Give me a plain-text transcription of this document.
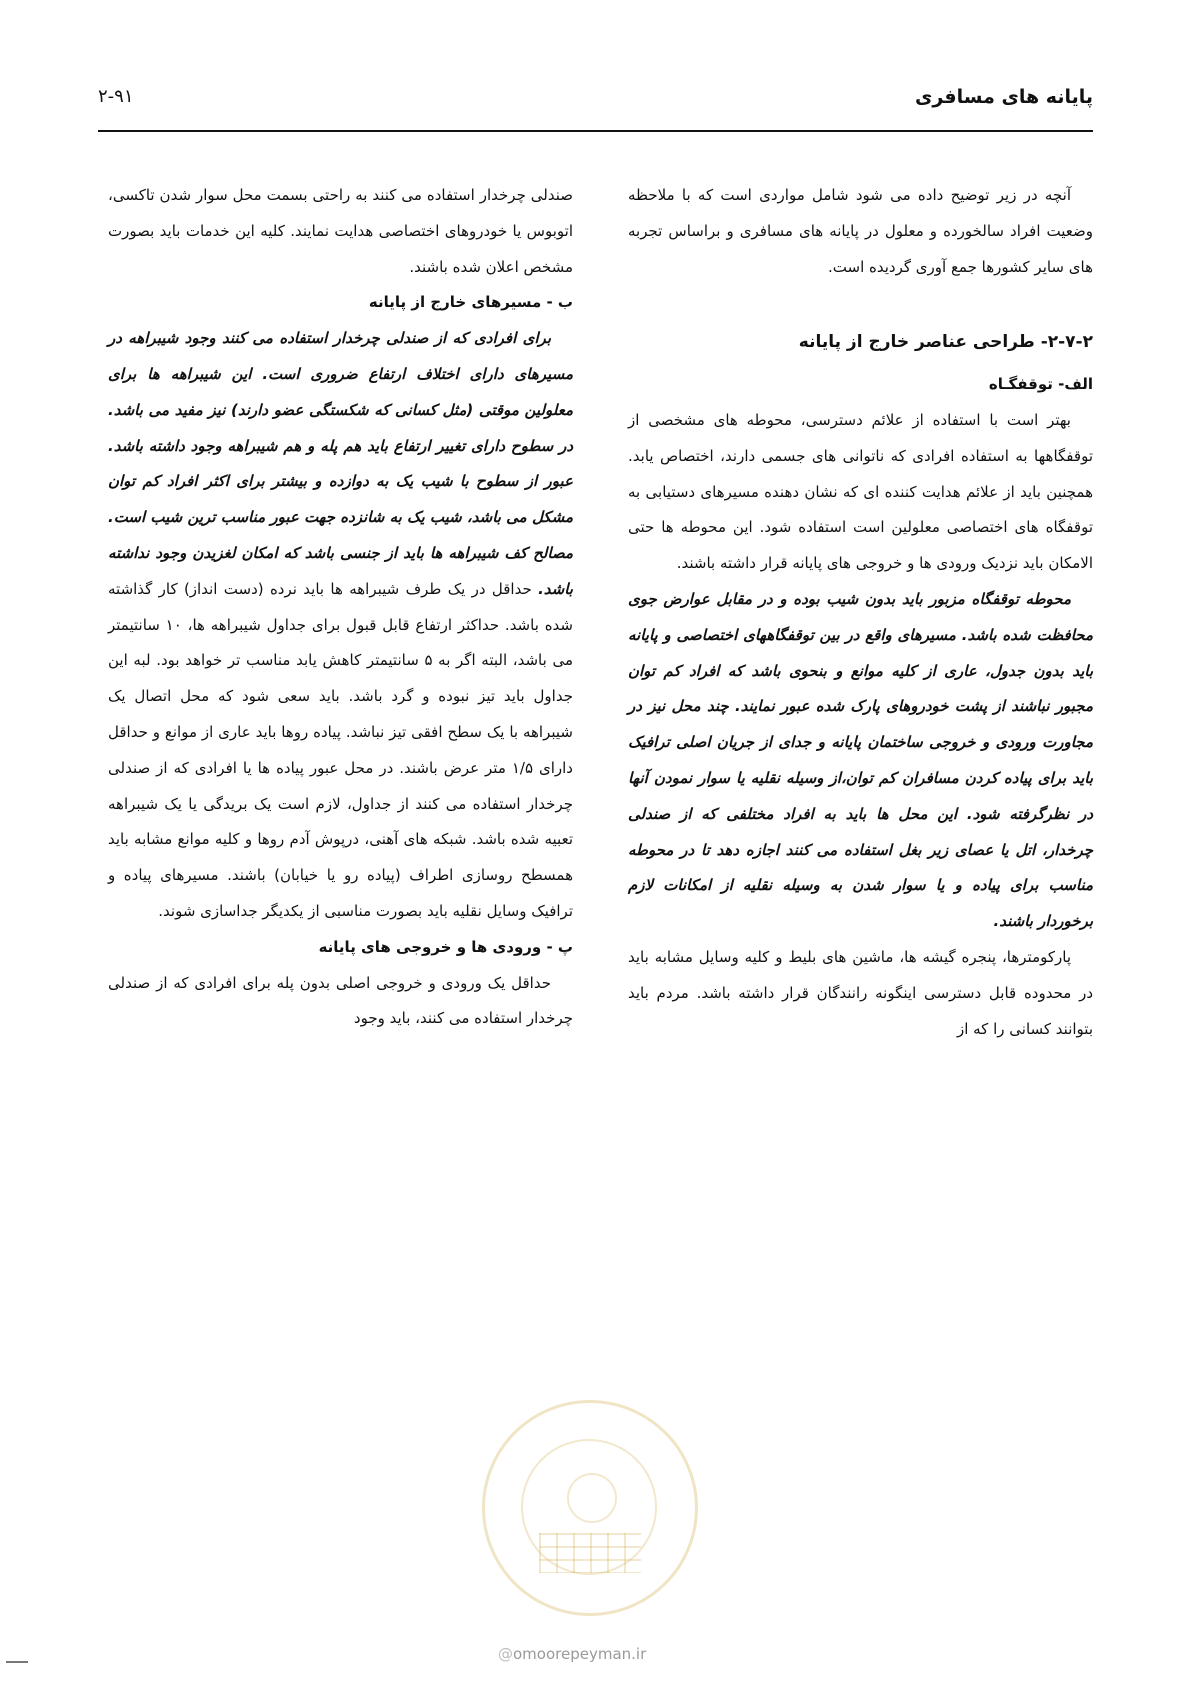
پایانه های مسافری
۲-۹۱

آنچه در زیر توضیح داده می شود شامل مواردی است که با ملاحظه وضعیت افراد سالخورده و معلول در پایانه های مسافری و براساس تجربه های سایر کشورها جمع آوری گردیده است.

۲-۷-۲- طراحی عناصر خارج از پایانه

الف- توقفگـاه

بهتر است با استفاده از علائم دسترسی، محوطه های مشخصی از توقفگاهها به استفاده افرادی که ناتوانی های جسمی دارند، اختصاص یابد. همچنین باید از علائم هدایت کننده ای که نشان دهنده مسیرهای دستیابی به توقفگاه های اختصاصی معلولین است استفاده شود. این محوطه ها حتی الامکان باید نزدیک ورودی ها و خروجی های پایانه قرار داشته باشند.

محوطه توقفگاه مزبور باید بدون شیب بوده و در مقابل عوارض جوی محافظت شده باشد. مسیرهای واقع در بین توقفگاههای اختصاصی و پایانه باید بدون جدول، عاری از کلیه موانع و بنحوی باشد که افراد کم توان مجبور نباشند از پشت خودروهای پارک شده عبور نمایند. چند محل نیز در مجاورت ورودی و خروجی ساختمان پایانه و جدای از جریان اصلی ترافیک باید برای پیاده کردن مسافران کم توان،از وسیله نقلیه یا سوار نمودن آنها در نظرگرفته شود. این محل ها باید به افراد مختلفی که از صندلی چرخدار، اتل یا عصای زیر بغل استفاده می کنند اجازه دهد تا در محوطه مناسب برای پیاده و یا سوار شدن به وسیله نقلیه از امکانات لازم برخوردار باشند.

پارکومترها، پنجره گیشه ها، ماشین های بلیط و کلیه وسایل مشابه باید در محدوده قابل دسترسی اینگونه رانندگان قرار داشته باشد. مردم باید بتوانند کسانی را که از

صندلی چرخدار استفاده می کنند به راحتی بسمت محل سوار شدن تاکسی، اتوبوس یا خودروهای اختصاصی هدایت نمایند. کلیه این خدمات باید بصورت مشخص اعلان شده باشند.

ب - مسیرهای خارج از پایانه

برای افرادی که از صندلی چرخدار استفاده می کنند وجود شیبراهه در مسیرهای دارای اختلاف ارتفاع ضروری است. این شیبراهه ها برای معلولین موقتی (مثل کسانی که شکستگی عضو دارند) نیز مفید می باشد. در سطوح دارای تغییر ارتفاع باید هم پله و هم شیبراهه وجود داشته باشد. عبور از سطوح با شیب یک به دوازده و بیشتر برای اکثر افراد کم توان مشکل می باشد، شیب یک به شانزده جهت عبور مناسب ترین شیب است. مصالح کف شیبراهه ها باید از جنسی باشد که امکان لغزیدن وجود نداشته باشد. حداقل در یک طرف شیبراهه ها باید نرده (دست انداز) کار گذاشته شده باشد. حداکثر ارتفاع قابل قبول برای جداول شیبراهه ها، ۱۰ سانتیمتر می باشد، البته اگر به ۵ سانتیمتر کاهش یابد مناسب تر خواهد بود. لبه این جداول باید تیز نبوده و گرد باشد. باید سعی شود که محل اتصال یک شیبراهه با یک سطح افقی تیز نباشد. پیاده روها باید عاری از موانع و حداقل دارای ۱/۵ متر عرض باشند. در محل عبور پیاده ها یا افرادی که از صندلی چرخدار استفاده می کنند از جداول، لازم است یک بریدگی یا یک شیبراهه تعبیه شده باشد. شبکه های آهنی، درپوش آدم روها و کلیه موانع مشابه باید همسطح روسازی اطراف (پیاده رو یا خیابان) باشند. مسیرهای پیاده و ترافیک وسایل نقلیه باید بصورت مناسبی از یکدیگر جداسازی شوند.

پ - ورودی ها و خروجی های پایانه

حداقل یک ورودی و خروجی اصلی بدون پله برای افرادی که از صندلی چرخدار استفاده می کنند، باید وجود

@omoorepeyman.ir
